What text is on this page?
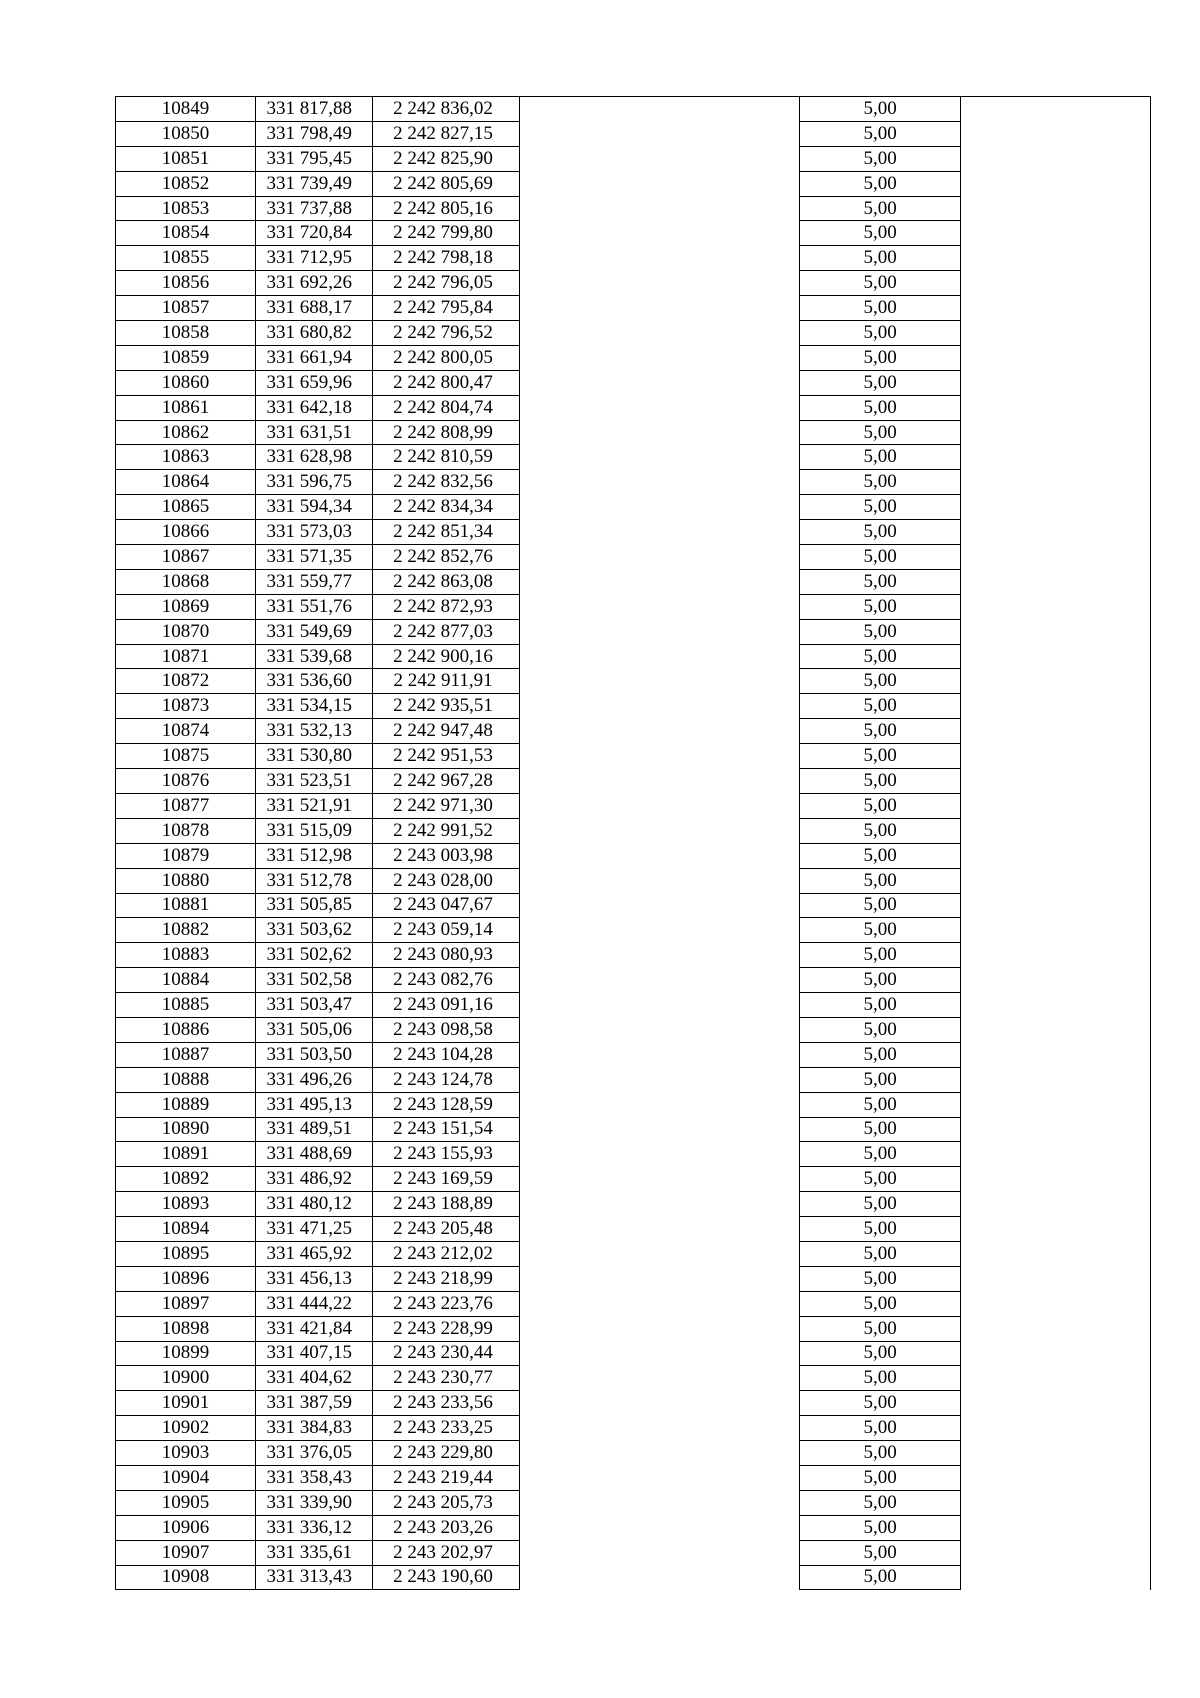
10849	331 817,88	2 242 836,02		5,00	
10850	331 798,49	2 242 827,15		5,00	
10851	331 795,45	2 242 825,90		5,00	
10852	331 739,49	2 242 805,69		5,00	
10853	331 737,88	2 242 805,16		5,00	
10854	331 720,84	2 242 799,80		5,00	
10855	331 712,95	2 242 798,18		5,00	
10856	331 692,26	2 242 796,05		5,00	
10857	331 688,17	2 242 795,84		5,00	
10858	331 680,82	2 242 796,52		5,00	
10859	331 661,94	2 242 800,05		5,00	
10860	331 659,96	2 242 800,47		5,00	
10861	331 642,18	2 242 804,74		5,00	
10862	331 631,51	2 242 808,99		5,00	
10863	331 628,98	2 242 810,59		5,00	
10864	331 596,75	2 242 832,56		5,00	
10865	331 594,34	2 242 834,34		5,00	
10866	331 573,03	2 242 851,34		5,00	
10867	331 571,35	2 242 852,76		5,00	
10868	331 559,77	2 242 863,08		5,00	
10869	331 551,76	2 242 872,93		5,00	
10870	331 549,69	2 242 877,03		5,00	
10871	331 539,68	2 242 900,16		5,00	
10872	331 536,60	2 242 911,91		5,00	
10873	331 534,15	2 242 935,51		5,00	
10874	331 532,13	2 242 947,48		5,00	
10875	331 530,80	2 242 951,53		5,00	
10876	331 523,51	2 242 967,28		5,00	
10877	331 521,91	2 242 971,30		5,00	
10878	331 515,09	2 242 991,52		5,00	
10879	331 512,98	2 243 003,98		5,00	
10880	331 512,78	2 243 028,00		5,00	
10881	331 505,85	2 243 047,67		5,00	
10882	331 503,62	2 243 059,14		5,00	
10883	331 502,62	2 243 080,93		5,00	
10884	331 502,58	2 243 082,76		5,00	
10885	331 503,47	2 243 091,16		5,00	
10886	331 505,06	2 243 098,58		5,00	
10887	331 503,50	2 243 104,28		5,00	
10888	331 496,26	2 243 124,78		5,00	
10889	331 495,13	2 243 128,59		5,00	
10890	331 489,51	2 243 151,54		5,00	
10891	331 488,69	2 243 155,93		5,00	
10892	331 486,92	2 243 169,59		5,00	
10893	331 480,12	2 243 188,89		5,00	
10894	331 471,25	2 243 205,48		5,00	
10895	331 465,92	2 243 212,02		5,00	
10896	331 456,13	2 243 218,99		5,00	
10897	331 444,22	2 243 223,76		5,00	
10898	331 421,84	2 243 228,99		5,00	
10899	331 407,15	2 243 230,44		5,00	
10900	331 404,62	2 243 230,77		5,00	
10901	331 387,59	2 243 233,56		5,00	
10902	331 384,83	2 243 233,25		5,00	
10903	331 376,05	2 243 229,80		5,00	
10904	331 358,43	2 243 219,44		5,00	
10905	331 339,90	2 243 205,73		5,00	
10906	331 336,12	2 243 203,26		5,00	
10907	331 335,61	2 243 202,97		5,00	
10908	331 313,43	2 243 190,60		5,00	
